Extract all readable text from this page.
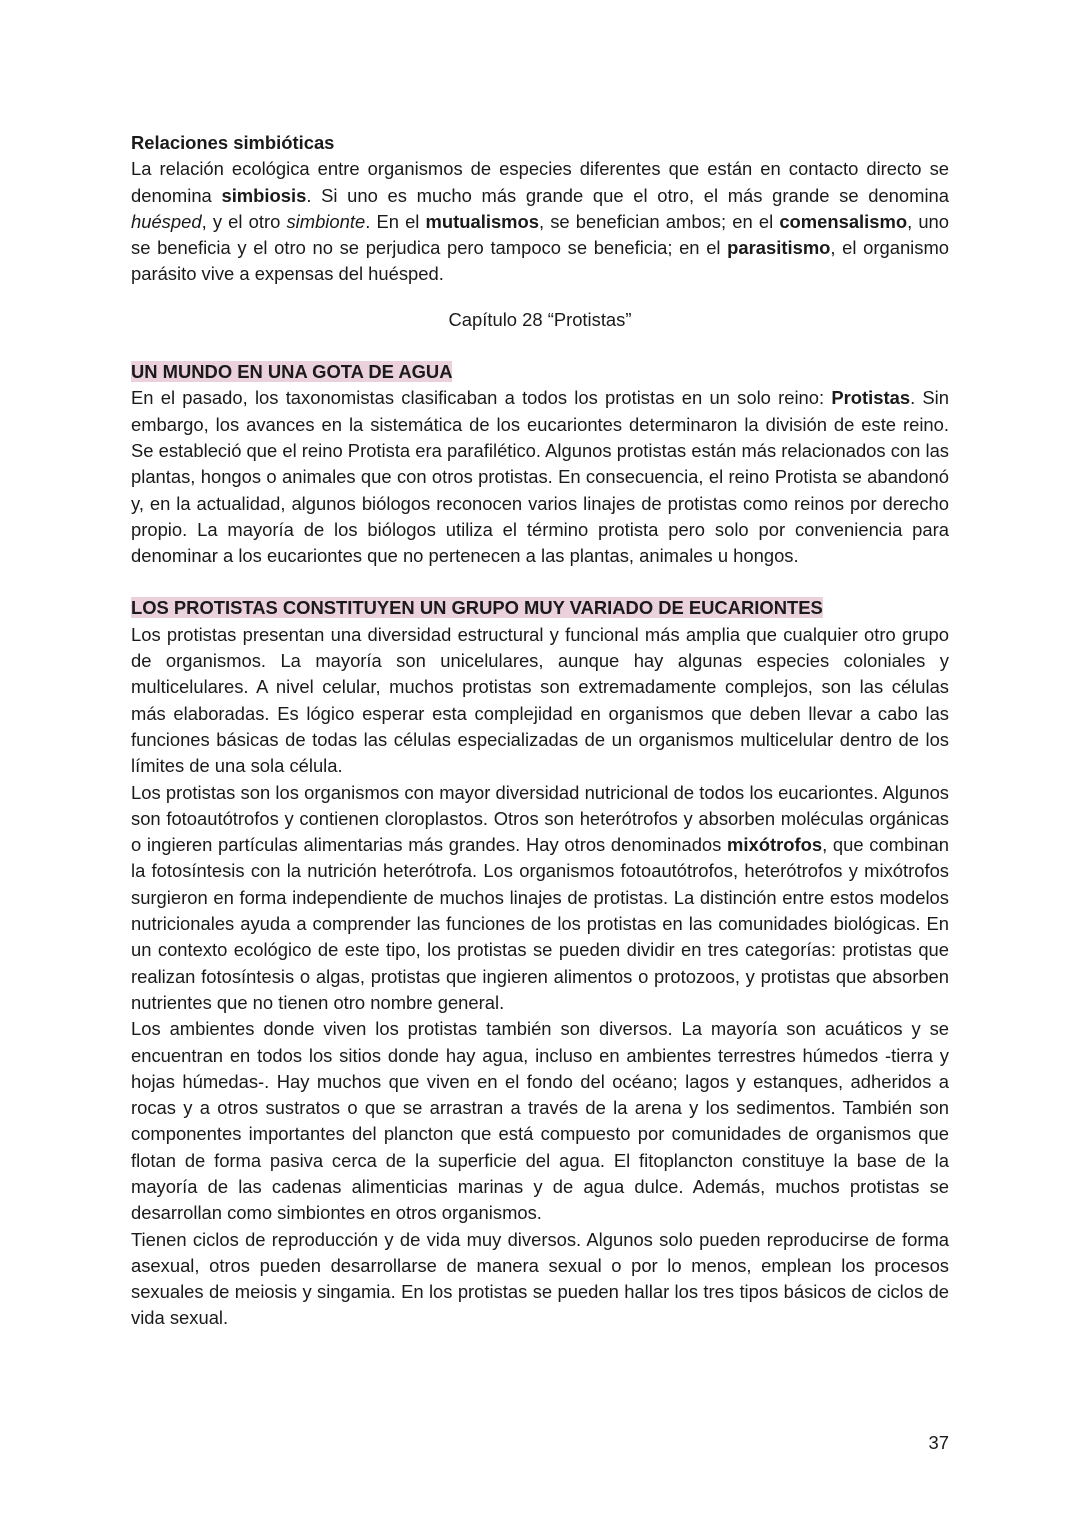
Relaciones simbióticas

La relación ecológica entre organismos de especies diferentes que están en contacto directo se denomina simbiosis. Si uno es mucho más grande que el otro, el más grande se denomina huésped, y el otro simbionte. En el mutualismos, se benefician ambos; en el comensalismo, uno se beneficia y el otro no se perjudica pero tampoco se beneficia; en el parasitismo, el organismo parásito vive a expensas del huésped.

Capítulo 28 “Protistas”
UN MUNDO EN UNA GOTA DE AGUA

En el pasado, los taxonomistas clasificaban a todos los protistas en un solo reino: Protistas. Sin embargo, los avances en la sistemática de los eucariontes determinaron la división de este reino. Se estableció que el reino Protista era parafilético. Algunos protistas están más relacionados con las plantas, hongos o animales que con otros protistas. En consecuencia, el reino Protista se abandonó y, en la actualidad, algunos biólogos reconocen varios linajes de protistas como reinos por derecho propio. La mayoría de los biólogos utiliza el término protista pero solo por conveniencia para denominar a los eucariontes que no pertenecen a las plantas, animales u hongos.

LOS PROTISTAS CONSTITUYEN UN GRUPO MUY VARIADO DE EUCARIONTES

Los protistas presentan una diversidad estructural y funcional más amplia que cualquier otro grupo de organismos. La mayoría son unicelulares, aunque hay algunas especies coloniales y multicelulares. A nivel celular, muchos protistas son extremadamente complejos, son las células más elaboradas. Es lógico esperar esta complejidad en organismos que deben llevar a cabo las funciones básicas de todas las células especializadas de un organismos multicelular dentro de los límites de una sola célula.

Los protistas son los organismos con mayor diversidad nutricional de todos los eucariontes. Algunos son fotoautótrofos y contienen cloroplastos. Otros son heterótrofos y absorben moléculas orgánicas o ingieren partículas alimentarias más grandes. Hay otros denominados mixótrofos, que combinan la fotosíntesis con la nutrición heterótrofa. Los organismos fotoautótrofos, heterótrofos y mixótrofos surgieron en forma independiente de muchos linajes de protistas. La distinción entre estos modelos nutricionales ayuda a comprender las funciones de los protistas en las comunidades biológicas. En un contexto ecológico de este tipo, los protistas se pueden dividir en tres categorías: protistas que realizan fotosíntesis o algas, protistas que ingieren alimentos o protozoos, y protistas que absorben nutrientes que no tienen otro nombre general.

Los ambientes donde viven los protistas también son diversos. La mayoría son acuáticos y se encuentran en todos los sitios donde hay agua, incluso en ambientes terrestres húmedos -tierra y hojas húmedas-. Hay muchos que viven en el fondo del océano; lagos y estanques, adheridos a rocas y a otros sustratos o que se arrastran a través de la arena y los sedimentos. También son componentes importantes del plancton que está compuesto por comunidades de organismos que flotan de forma pasiva cerca de la superficie del agua. El fitoplancton constituye la base de la mayoría de las cadenas alimenticias marinas y de agua dulce. Además, muchos protistas se desarrollan como simbiontes en otros organismos.

Tienen ciclos de reproducción y de vida muy diversos. Algunos solo pueden reproducirse de forma asexual, otros pueden desarrollarse de manera sexual o por lo menos, emplean los procesos sexuales de meiosis y singamia. En los protistas se pueden hallar los tres tipos básicos de ciclos de vida sexual.

37
